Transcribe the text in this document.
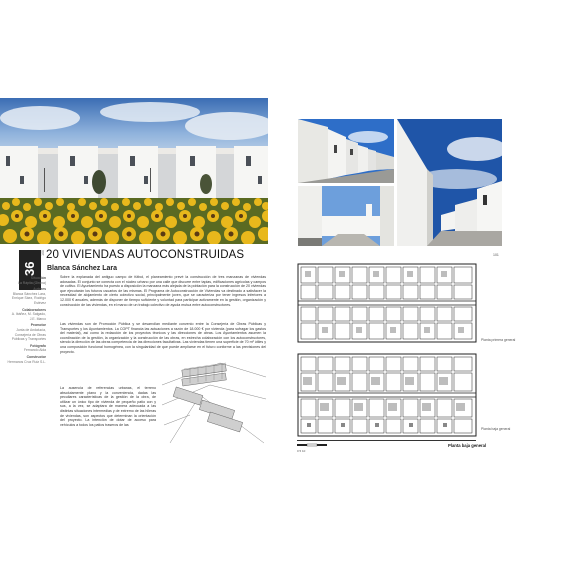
36
100 20 VIVIENDAS AUTOCONSTRUIDAS
Blanca Sánchez Lara
Situación
La Rápita (Girona)
Autores
Blanca Sánchez Lara, Enrique Sáez, Rodrigo Estévez
Colaboradores
A. Ibáñez, M. Salgado, J.E. Marco
Promotor
Junta de Andalucía, Consejería de Obras Públicas y Transportes
Fotógrafo
Fernando Alda
Constructor
Hermanos Cruz Ruiz S.L.
Sobre la explanada del antiguo campo de fútbol, el planeamiento prevé la construcción de tres manzanas de viviendas adosadas. El conjunto se conecta con el núcleo urbano por una calle que discurre entre tapias, edificaciones agrícolas y campos de cultivo. El Ayuntamiento ha puesto a disposición la manzana más alejada de la población para la construcción de 20 viviendas que ejecutarán los futuros usuarios de las mismas. El Programa de Autoconstrucción de Viviendas va destinado a satisfacer la necesidad de alojamiento de cierto colectivo social, principalmente joven, que se caracteriza por tener ingresos inferiores a 12.000 € anuales, además de disponer de tiempo suficiente y voluntad para participar activamente en la gestión, organización y construcción de las viviendas, en el marco de un trabajo colectivo de ayuda mutua entre autoconstructores.
Las viviendas son de Promoción Pública y se desarrollan mediante convenio entre la Consejería de Obras Públicas y Transportes y los Ayuntamientos. La COPT financia las actuaciones a razón de 18.000 € por vivienda (para sufragar los gastos del material), así como la redacción de los proyectos técnicos y las direcciones de obras. Los Ayuntamientos asumen la coordinación de la gestión, la organización y la construcción de las obras, en estrecha colaboración con los autoconstructores, siendo la dirección de las obras competencia de las direcciones facultativas. Las viviendas tienen una superficie de 70 m² útiles y una composición funcional homogénea, con la singularidad de que puede ampliarse en el futuro conforme a las previsiones del proyecto.
La ausencia de referencias urbanas, el terreno absolutamente plano y la conveniencia, dadas las peculiares características de la gestión de la obra, de utilizar un único tipo de vivienda de pequeño patio con y sus, a la vez, se adaptara de manera adecuada a las distintas situaciones intermedias y de extremo de las hileras de viviendas, son aspectos que determinan la orientación del proyecto. La intención de dotar de acceso para vehículos a todos los patios traseros de las
101
Planta primera general
Planta baja general
0 5 10
Planta baja general
